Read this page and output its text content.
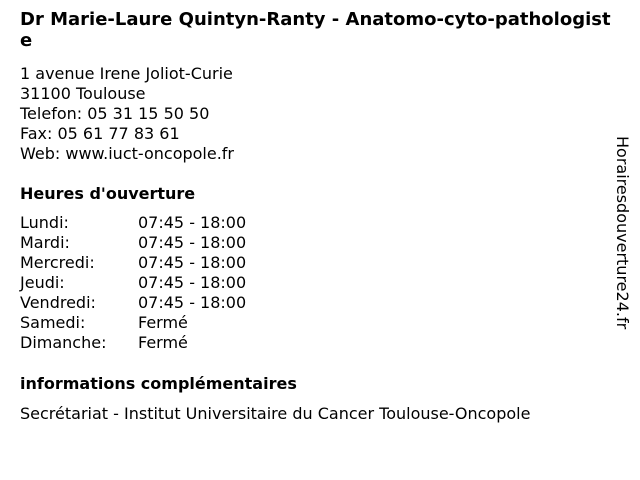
Dr Marie-Laure Quintyn-Ranty - Anatomo-cyto-pathologiste
1 avenue Irene Joliot-Curie
31100 Toulouse
Telefon: 05 31 15 50 50
Fax: 05 61 77 83 61
Web: www.iuct-oncopole.fr
Heures d'ouverture
Lundi:	07:45 - 18:00
Mardi:	07:45 - 18:00
Mercredi:	07:45 - 18:00
Jeudi:	07:45 - 18:00
Vendredi:	07:45 - 18:00
Samedi:	Fermé
Dimanche:	Fermé
informations complémentaires
Secrétariat - Institut Universitaire du Cancer Toulouse-Oncopole
Horairesdouverture24.fr
